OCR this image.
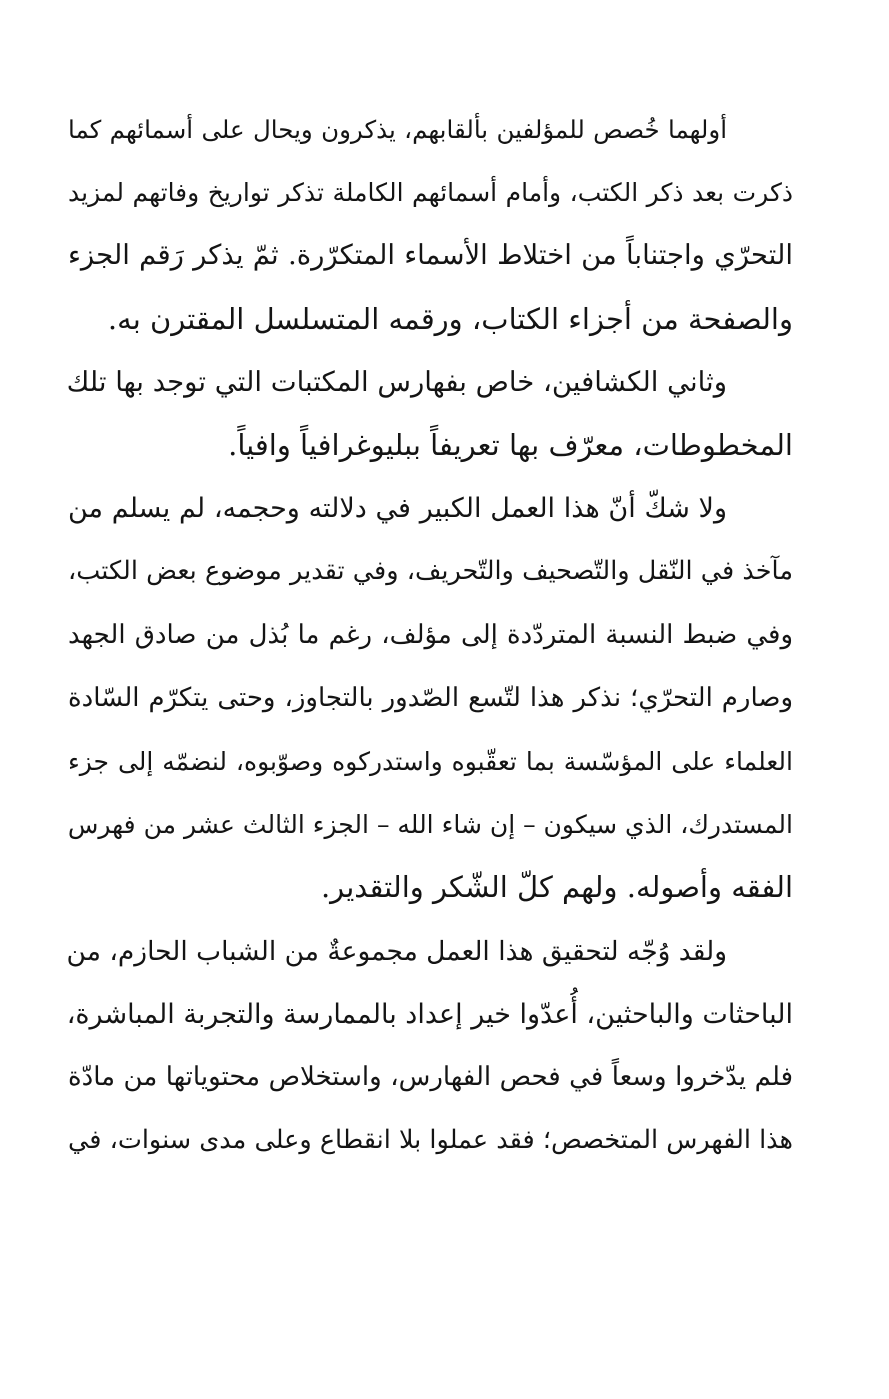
أولهما خُصص للمؤلفين بألقابهم، يذكرون ويحال على أسمائهم كما
ذكرت بعد ذكر الكتب، وأمام أسمائهم الكاملة تذكر تواريخ وفاتهم لمزيد
التحرّي واجتناباً من اختلاط الأسماء المتكرّرة. ثمّ يذكر رَقم الجزء
والصفحة من أجزاء الكتاب، ورقمه المتسلسل المقترن به.

وثاني الكشافين، خاص بفهارس المكتبات التي توجد بها تلك
المخطوطات، معرّف بها تعريفاً ببليوغرافياً وافياً.

ولا شكّ أنّ هذا العمل الكبير في دلالته وحجمه، لم يسلم من
مآخذ في النّقل والتّصحيف والتّحريف، وفي تقدير موضوع بعض الكتب،
وفي ضبط النسبة المتردّدة إلى مؤلف، رغم ما بُذل من صادق الجهد
وصارم التحرّي؛ نذكر هذا لتّسع الصّدور بالتجاوز، وحتى يتكرّم السّادة
العلماء على المؤسّسة بما تعقّبوه واستدركوه وصوّبوه، لنضمّه إلى جزء
المستدرك، الذي سيكون – إن شاء الله – الجزء الثالث عشر من فهرس
الفقه وأصوله. ولهم كلّ الشّكر والتقدير.

ولقد وُجّه لتحقيق هذا العمل مجموعةٌ من الشباب الحازم، من
الباحثات والباحثين، أُعدّوا خير إعداد بالممارسة والتجربة المباشرة،
فلم يدّخروا وسعاً في فحص الفهارس، واستخلاص محتوياتها من مادّة
هذا الفهرس المتخصص؛ فقد عملوا بلا انقطاع وعلى مدى سنوات، في
